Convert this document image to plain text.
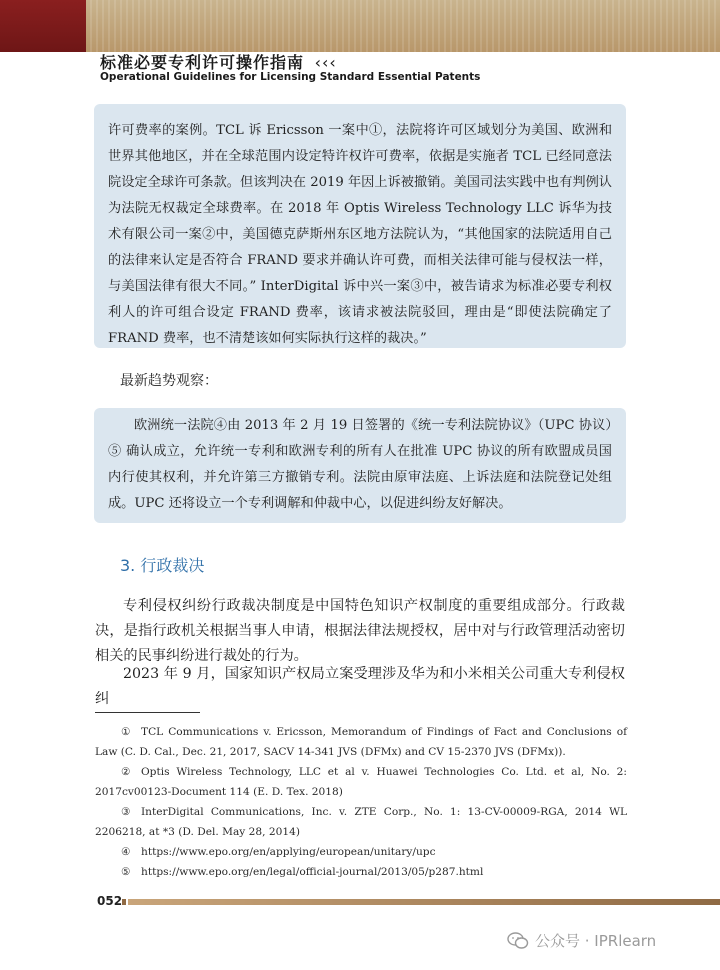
标准必要专利许可操作指南 ‹‹‹
Operational Guidelines for Licensing Standard Essential Patents

许可费率的案例。TCL 诉 Ericsson 一案中①，法院将许可区域划分为美国、欧洲和世界其他地区，并在全球范围内设定特许权许可费率，依据是实施者 TCL 已经同意法院设定全球许可条款。但该判决在 2019 年因上诉被撤销。美国司法实践中也有判例认为法院无权裁定全球费率。在 2018 年 Optis Wireless Technology LLC 诉华为技术有限公司一案②中，美国德克萨斯州东区地方法院认为，“其他国家的法院适用自己的法律来认定是否符合 FRAND 要求并确认许可费，而相关法律可能与侵权法一样，与美国法律有很大不同。” InterDigital 诉中兴一案③中，被告请求为标准必要专利权利人的许可组合设定 FRAND 费率，该请求被法院驳回，理由是“即使法院确定了 FRAND 费率，也不清楚该如何实际执行这样的裁决。”

最新趋势观察：

欧洲统一法院④由 2013 年 2 月 19 日签署的《统一专利法院协议》（UPC 协议）⑤ 确认成立，允许统一专利和欧洲专利的所有人在批准 UPC 协议的所有欧盟成员国内行使其权利，并允许第三方撤销专利。法院由原审法庭、上诉法庭和法院登记处组成。UPC 还将设立一个专利调解和仲裁中心，以促进纠纷友好解决。

3. 行政裁决
专利侵权纠纷行政裁决制度是中国特色知识产权制度的重要组成部分。行政裁决，是指行政机关根据当事人申请，根据法律法规授权，居中对与行政管理活动密切相关的民事纠纷进行裁处的行为。
2023 年 9 月，国家知识产权局立案受理涉及华为和小米相关公司重大专利侵权纠
① TCL Communications v. Ericsson, Memorandum of Findings of Fact and Conclusions of Law (C. D. Cal., Dec. 21, 2017, SACV 14-341 JVS (DFMx) and CV 15-2370 JVS (DFMx)).
② Optis Wireless Technology, LLC et al v. Huawei Technologies Co. Ltd. et al, No. 2: 2017cv00123-Document 114 (E. D. Tex. 2018)
③ InterDigital Communications, Inc. v. ZTE Corp., No. 1: 13-CV-00009-RGA, 2014 WL 2206218, at *3 (D. Del. May 28, 2014)
④ https://www.epo.org/en/applying/european/unitary/upc
⑤ https://www.epo.org/en/legal/official-journal/2013/05/p287.html
052
公众号 · IPRlearn
